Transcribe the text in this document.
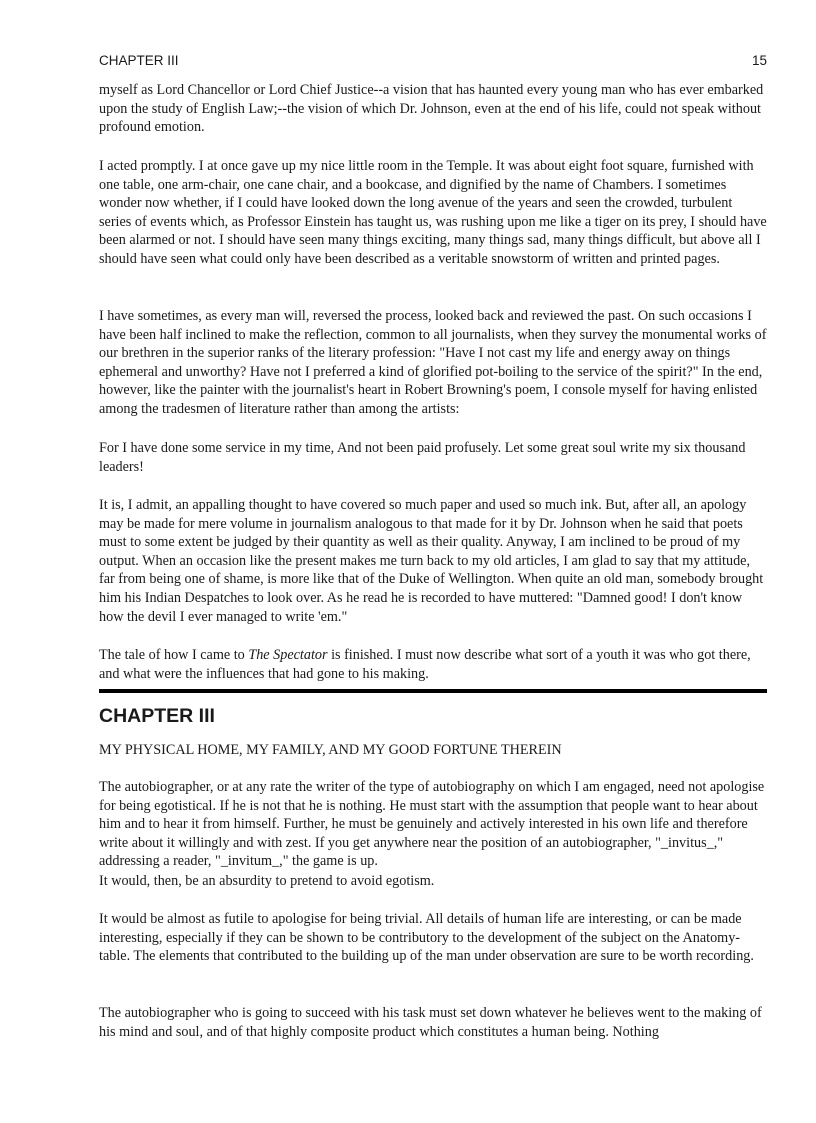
CHAPTER III	15

myself as Lord Chancellor or Lord Chief Justice--a vision that has haunted every young man who has ever embarked upon the study of English Law;--the vision of which Dr. Johnson, even at the end of his life, could not speak without profound emotion.

I acted promptly. I at once gave up my nice little room in the Temple. It was about eight foot square, furnished with one table, one arm-chair, one cane chair, and a bookcase, and dignified by the name of Chambers. I sometimes wonder now whether, if I could have looked down the long avenue of the years and seen the crowded, turbulent series of events which, as Professor Einstein has taught us, was rushing upon me like a tiger on its prey, I should have been alarmed or not. I should have seen many things exciting, many things sad, many things difficult, but above all I should have seen what could only have been described as a veritable snowstorm of written and printed pages.

I have sometimes, as every man will, reversed the process, looked back and reviewed the past. On such occasions I have been half inclined to make the reflection, common to all journalists, when they survey the monumental works of our brethren in the superior ranks of the literary profession: "Have I not cast my life and energy away on things ephemeral and unworthy? Have not I preferred a kind of glorified pot-boiling to the service of the spirit?" In the end, however, like the painter with the journalist's heart in Robert Browning's poem, I console myself for having enlisted among the tradesmen of literature rather than among the artists:

For I have done some service in my time, And not been paid profusely. Let some great soul write my six thousand leaders!

It is, I admit, an appalling thought to have covered so much paper and used so much ink. But, after all, an apology may be made for mere volume in journalism analogous to that made for it by Dr. Johnson when he said that poets must to some extent be judged by their quantity as well as their quality. Anyway, I am inclined to be proud of my output. When an occasion like the present makes me turn back to my old articles, I am glad to say that my attitude, far from being one of shame, is more like that of the Duke of Wellington. When quite an old man, somebody brought him his Indian Despatches to look over. As he read he is recorded to have muttered: "Damned good! I don't know how the devil I ever managed to write 'em."

The tale of how I came to The Spectator is finished. I must now describe what sort of a youth it was who got there, and what were the influences that had gone to his making.

CHAPTER III

MY PHYSICAL HOME, MY FAMILY, AND MY GOOD FORTUNE THEREIN

The autobiographer, or at any rate the writer of the type of autobiography on which I am engaged, need not apologise for being egotistical. If he is not that he is nothing. He must start with the assumption that people want to hear about him and to hear it from himself. Further, he must be genuinely and actively interested in his own life and therefore write about it willingly and with zest. If you get anywhere near the position of an autobiographer, "_invitus_," addressing a reader, "_invitum_," the game is up.

It would, then, be an absurdity to pretend to avoid egotism.

It would be almost as futile to apologise for being trivial. All details of human life are interesting, or can be made interesting, especially if they can be shown to be contributory to the development of the subject on the Anatomy-table. The elements that contributed to the building up of the man under observation are sure to be worth recording.

The autobiographer who is going to succeed with his task must set down whatever he believes went to the making of his mind and soul, and of that highly composite product which constitutes a human being. Nothing
